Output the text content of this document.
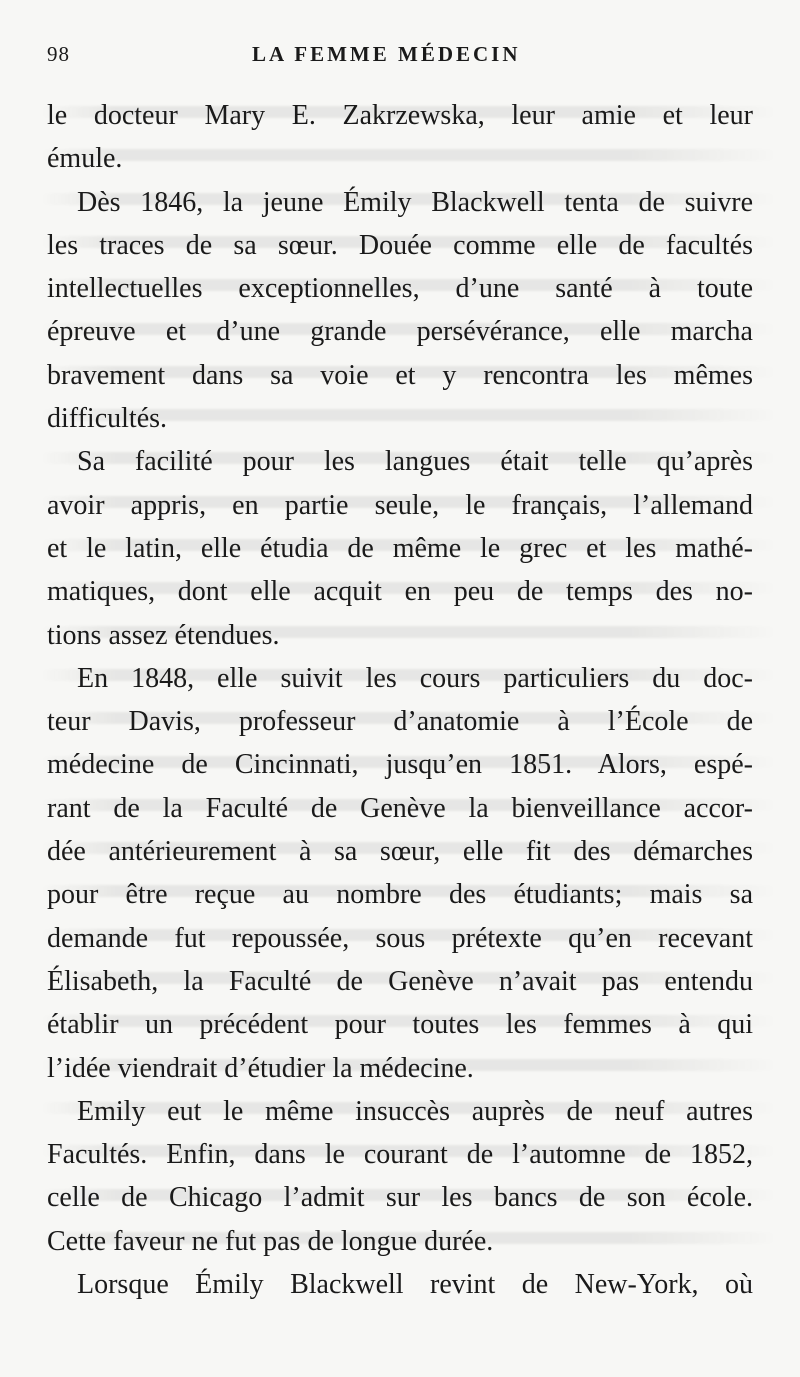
98	LA FEMME MÉDECIN
le docteur Mary E. Zakrzewska, leur amie et leur
émule.
Dès 1846, la jeune Émily Blackwell tenta de suivre
les traces de sa sœur. Douée comme elle de facultés
intellectuelles exceptionnelles, d’une santé à toute
épreuve et d’une grande persévérance, elle marcha
bravement dans sa voie et y rencontra les mêmes
difficultés.
Sa facilité pour les langues était telle qu’après
avoir appris, en partie seule, le français, l’allemand
et le latin, elle étudia de même le grec et les mathé-
matiques, dont elle acquit en peu de temps des no-
tions assez étendues.
En 1848, elle suivit les cours particuliers du doc-
teur Davis, professeur d’anatomie à l’École de
médecine de Cincinnati, jusqu’en 1851. Alors, espé-
rant de la Faculté de Genève la bienveillance accor-
dée antérieurement à sa sœur, elle fit des démarches
pour être reçue au nombre des étudiants; mais sa
demande fut repoussée, sous prétexte qu’en recevant
Élisabeth, la Faculté de Genève n’avait pas entendu
établir un précédent pour toutes les femmes à qui
l’idée viendrait d’étudier la médecine.
Emily eut le même insuccès auprès de neuf autres
Facultés. Enfin, dans le courant de l’automne de 1852,
celle de Chicago l’admit sur les bancs de son école.
Cette faveur ne fut pas de longue durée.
Lorsque Émily Blackwell revint de New-York, où
